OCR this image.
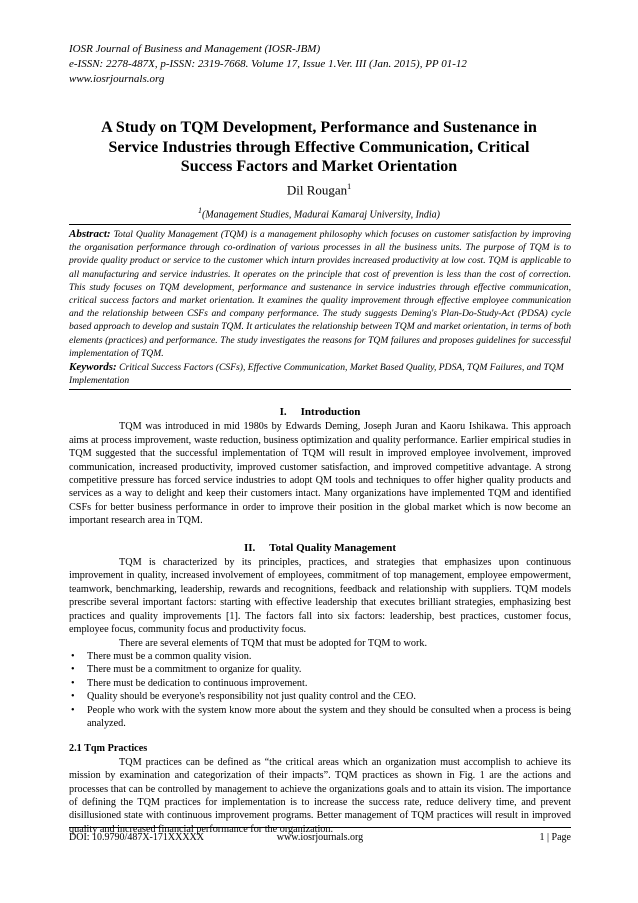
IOSR Journal of Business and Management (IOSR-JBM)
e-ISSN: 2278-487X, p-ISSN: 2319-7668. Volume 17, Issue 1.Ver. III (Jan. 2015), PP 01-12
www.iosrjournals.org
A Study on TQM Development, Performance and Sustenance in
Service Industries through Effective Communication, Critical
Success Factors and Market Orientation
Dil Rougan$^1$
$^1$(Management Studies, Madurai Kamaraj University, India)
Abstract: Total Quality Management (TQM) is a management philosophy which focuses on customer satisfaction by improving the organisation performance through co-ordination of various processes in all the business units. The purpose of TQM is to provide quality product or service to the customer which inturn provides increased productivity at low cost. TQM is applicable to all manufacturing and service industries. It operates on the principle that cost of prevention is less than the cost of correction. This study focuses on TQM development, performance and sustenance in service industries through effective communication, critical success factors and market orientation. It examines the quality improvement through effective employee communication and the relationship between CSFs and company performance. The study suggests Deming's Plan-Do-Study-Act (PDSA) cycle based approach to develop and sustain TQM. It articulates the relationship between TQM and market orientation, in terms of both elements (practices) and performance. The study investigates the reasons for TQM failures and proposes guidelines for successful implementation of TQM.
Keywords: Critical Success Factors (CSFs), Effective Communication, Market Based Quality, PDSA, TQM Failures, and TQM Implementation
I. Introduction

TQM was introduced in mid 1980s by Edwards Deming, Joseph Juran and Kaoru Ishikawa. This approach aims at process improvement, waste reduction, business optimization and quality performance. Earlier empirical studies in TQM suggested that the successful implementation of TQM will result in improved employee involvement, improved communication, increased productivity, improved customer satisfaction, and improved competitive advantage. A strong competitive pressure has forced service industries to adopt QM tools and techniques to offer higher quality products and services as a way to delight and keep their customers intact. Many organizations have implemented TQM and identified CSFs for better business performance in order to improve their position in the global market which is now become an important research area in TQM.

II. Total Quality Management

TQM is characterized by its principles, practices, and strategies that emphasizes upon continuous improvement in quality, increased involvement of employees, commitment of top management, employee empowerment, teamwork, benchmarking, leadership, rewards and recognitions, feedback and relationship with suppliers. TQM models prescribe several important factors: starting with effective leadership that executes brilliant strategies, emphasizing best practices and quality improvements [1]. The factors fall into six factors: leadership, best practices, customer focus, employee focus, community focus and productivity focus.

There are several elements of TQM that must be adopted for TQM to work.

• There must be a common quality vision.
• There must be a commitment to organize for quality.
• There must be dedication to continuous improvement.
• Quality should be everyone's responsibility not just quality control and the CEO.
• People who work with the system know more about the system and they should be consulted when a process is being analyzed.
2.1 Tqm Practices

TQM practices can be defined as “the critical areas which an organization must accomplish to achieve its mission by examination and categorization of their impacts”. TQM practices as shown in Fig. 1 are the actions and processes that can be controlled by management to achieve the organizations goals and to attain its vision. The importance of defining the TQM practices for implementation is to increase the success rate, reduce delivery time, and prevent disillusioned state with continuous improvement programs. Better management of TQM practices will result in improved quality and increased financial performance for the organization.

DOI: 10.9790/487X-171XXXXX	www.iosrjournals.org	1 | Page
